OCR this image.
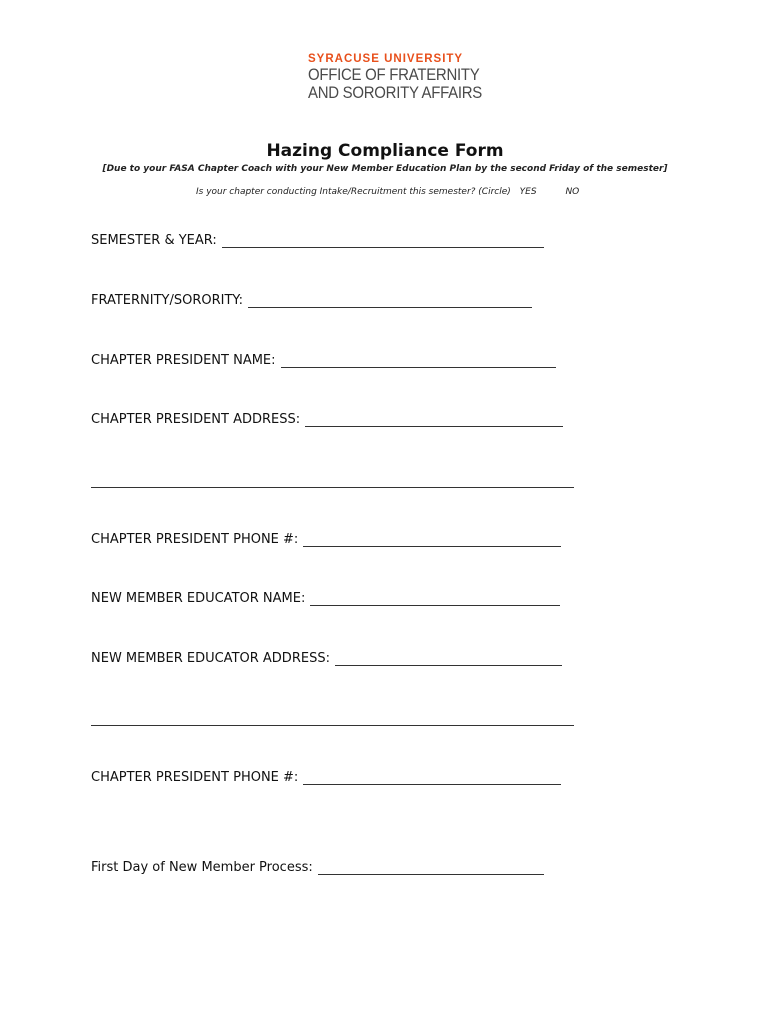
SYRACUSE UNIVERSITY
OFFICE OF FRATERNITY
AND SORORITY AFFAIRS
Hazing Compliance Form
[Due to your FASA Chapter Coach with your New Member Education Plan by the second Friday of the semester]
Is your chapter conducting Intake/Recruitment this semester? (Circle) YES	NO
SEMESTER & YEAR:
FRATERNITY/SORORITY:
CHAPTER PRESIDENT NAME:
CHAPTER PRESIDENT ADDRESS:
CHAPTER PRESIDENT PHONE #:
NEW MEMBER EDUCATOR NAME:
NEW MEMBER EDUCATOR ADDRESS:
CHAPTER PRESIDENT PHONE #:
First Day of New Member Process:
